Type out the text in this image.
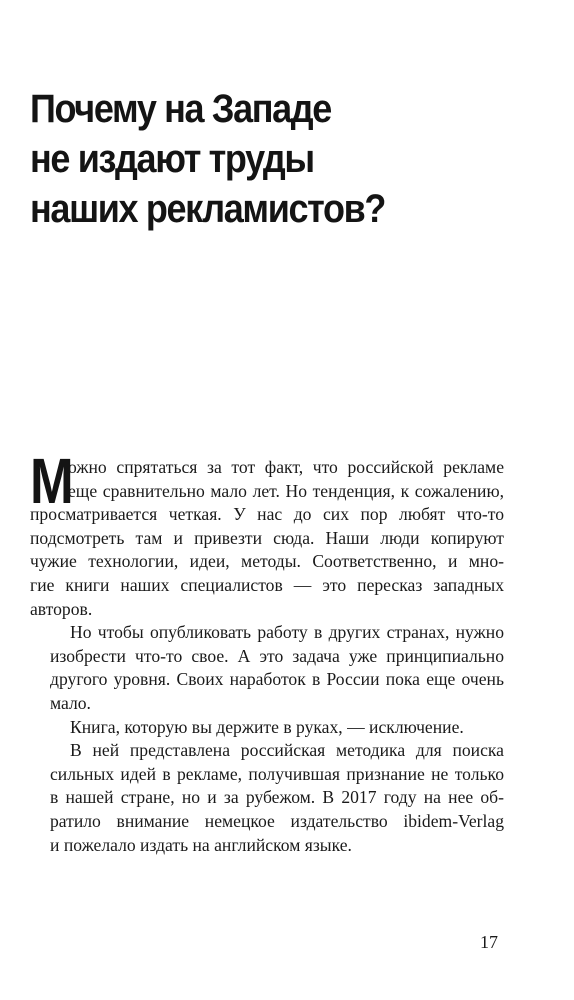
Почему на Западе
не издают труды
наших рекламистов?

М
ожно спрятаться за тот факт, что российской рекламе
еще сравнительно мало лет. Но тенденция, к сожалению,
просматривается четкая. У нас до сих пор любят что-то
подсмотреть там и привезти сюда. Наши люди копируют
чужие технологии, идеи, методы. Соответственно, и мно-
гие книги наших специалистов — это пересказ западных
авторов.

Но чтобы опубликовать работу в других странах, нужно
изобрести что-то свое. А это задача уже принципиально
другого уровня. Своих наработок в России пока еще очень
мало.

Книга, которую вы держите в руках, — исключение.

В ней представлена российская методика для поиска
сильных идей в рекламе, получившая признание не только
в нашей стране, но и за рубежом. В 2017 году на нее об-
ратило внимание немецкое издательство ibidem-Verlag
и пожелало издать на английском языке.

17
